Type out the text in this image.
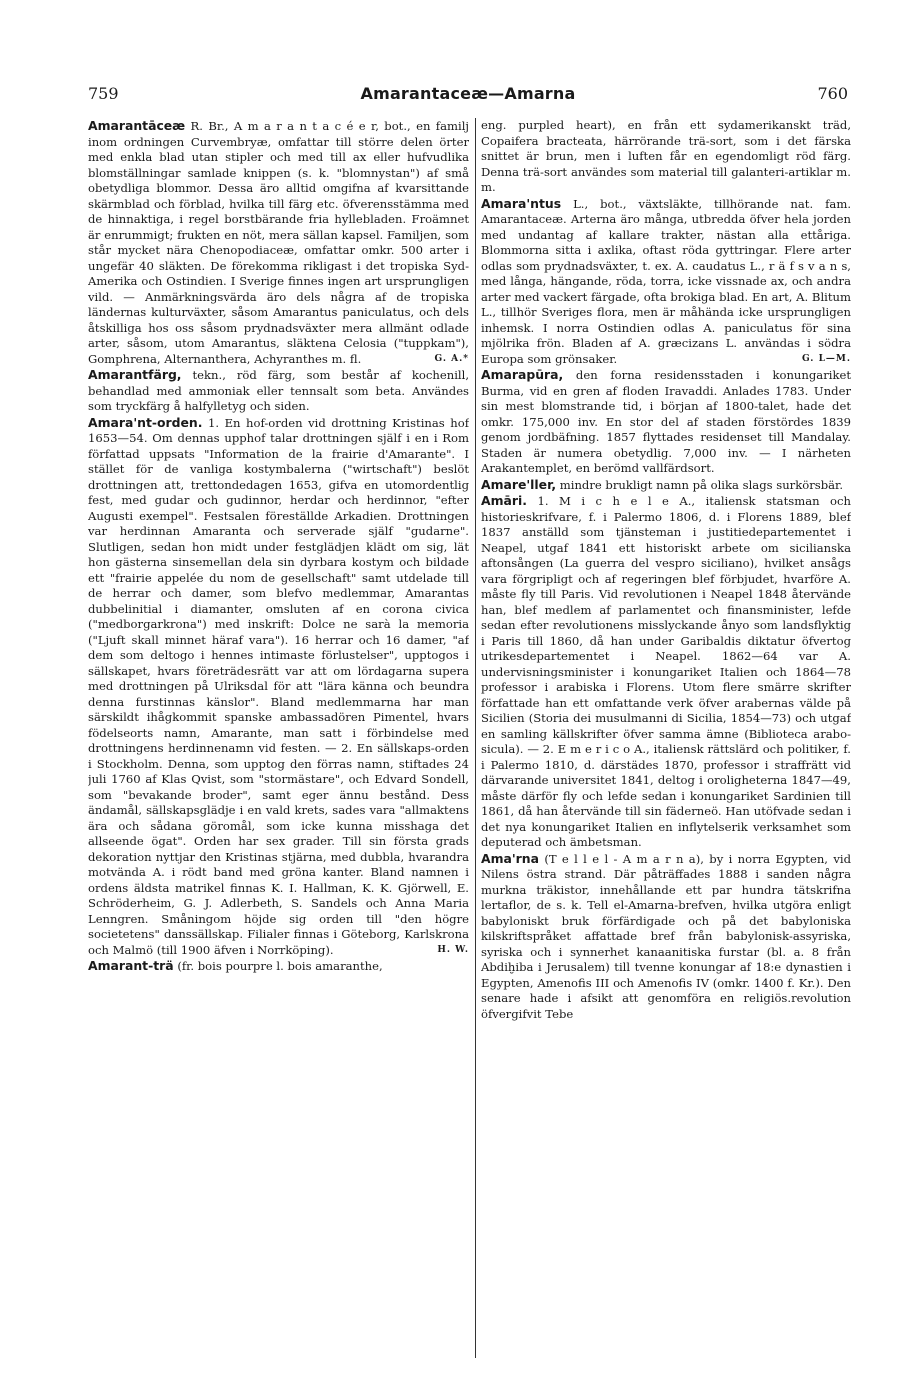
759	Amarantaceæ—Amarna	760

Amarantāceæ R. Br., A m a r a n t a c é e r, bot., en familj inom ordningen Curvembryæ, omfattar till större delen örter med enkla blad utan stipler och med till ax eller hufvudlika blomställningar samlade knippen (s. k. "blomnystan") af små obetydliga blommor. Dessa äro alltid omgifna af kvarsittande skärmblad och förblad, hvilka till färg etc. öfverensstämma med de hinnaktiga, i regel borstbärande fria hyllebladen. Froämnet är enrummigt; frukten en nöt, mera sällan kapsel. Familjen, som står mycket nära Chenopodiaceæ, omfattar omkr. 500 arter i ungefär 40 släkten. De förekomma rikligast i det tropiska Syd-Amerika och Ostindien. I Sverige finnes ingen art ursprungligen vild. — Anmärkningsvärda äro dels några af de tropiska ländernas kulturväxter, såsom Amarantus paniculatus, och dels åtskilliga hos oss såsom prydnadsväxter mera allmänt odlade arter, såsom, utom Amarantus, släktena Celosia ("tuppkam"), Gomphrena, Alternanthera, Achyranthes m. fl.	G. A.*

Amarantfärg, tekn., röd färg, som består af kochenill, behandlad med ammoniak eller tennsalt som beta. Användes som tryckfärg å halfylletyg och siden.

Amara'nt-orden. 1. En hof-orden vid drottning Kristinas hof 1653—54. Om dennas upphof talar drottningen själf i en i Rom författad uppsats "Information de la frairie d'Amarante". I stället för de vanliga kostymbalerna ("wirtschaft") beslöt drottningen att, trettondedagen 1653, gifva en utomordentlig fest, med gudar och gudinnor, herdar och herdinnor, "efter Augusti exempel". Festsalen föreställde Arkadien. Drottningen var herdinnan Amaranta och serverade själf "gudarne". Slutligen, sedan hon midt under festglädjen klädt om sig, lät hon gästerna sinsemellan dela sin dyrbara kostym och bildade ett "frairie appelée du nom de gesellschaft" samt utdelade till de herrar och damer, som blefvo medlemmar, Amarantas dubbelinitial i diamanter, omsluten af en corona civica ("medborgarkrona") med inskrift: Dolce ne sarà la memoria ("Ljuft skall minnet häraf vara"). 16 herrar och 16 damer, "af dem som deltogo i hennes intimaste förlustelser", upptogos i sällskapet, hvars företrädesrätt var att om lördagarna supera med drottningen på Ulriksdal för att "lära känna och beundra denna furstinnas känslor". Bland medlemmarna har man särskildt ihågkommit spanske ambassadören Pimentel, hvars födelseorts namn, Amarante, man satt i förbindelse med drottningens herdinnenamn vid festen. — 2. En sällskaps-orden i Stockholm. Denna, som upptog den förras namn, stiftades 24 juli 1760 af Klas Qvist, som "stormästare", och Edvard Sondell, som "bevakande broder", samt eger ännu bestånd. Dess ändamål, sällskapsglädje i en vald krets, sades vara "allmaktens ära och sådana göromål, som icke kunna misshaga det allseende ögat". Orden har sex grader. Till sin första grads dekoration nyttjar den Kristinas stjärna, med dubbla, hvarandra motvända A. i rödt band med gröna kanter. Bland namnen i ordens äldsta matrikel finnas K. I. Hallman, K. K. Gjörwell, E. Schröderheim, G. J. Adlerbeth, S. Sandels och Anna Maria Lenngren. Småningom höjde sig orden till "den högre societetens" danssällskap. Filialer finnas i Göteborg, Karlskrona och Malmö (till 1900 äfven i Norrköping).	H. W.

Amarant-trä (fr. bois pourpre l. bois amaranthe,

eng. purpled heart), en från ett sydamerikanskt träd, Copaifera bracteata, härrörande trä-sort, som i det färska snittet är brun, men i luften får en egendomligt röd färg. Denna trä-sort användes som material till galanteri-artiklar m. m.

Amara'ntus L., bot., växtsläkte, tillhörande nat. fam. Amarantaceæ. Arterna äro många, utbredda öfver hela jorden med undantag af kallare trakter, nästan alla ettåriga. Blommorna sitta i axlika, oftast röda gyttringar. Flere arter odlas som prydnadsväxter, t. ex. A. caudatus L., r ä f s v a n s, med långa, hängande, röda, torra, icke vissnade ax, och andra arter med vackert färgade, ofta brokiga blad. En art, A. Blitum L., tillhör Sveriges flora, men är måhända icke ursprungligen inhemsk. I norra Ostindien odlas A. paniculatus för sina mjölrika frön. Bladen af A. græcizans L. användas i södra Europa som grönsaker.	G. L—M.

Amarapūra, den forna residensstaden i konungariket Burma, vid en gren af floden Iravaddi. Anlades 1783. Under sin mest blomstrande tid, i början af 1800-talet, hade det omkr. 175,000 inv. En stor del af staden förstördes 1839 genom jordbäfning. 1857 flyttades residenset till Mandalay. Staden är numera obetydlig. 7,000 inv. — I närheten Arakantemplet, en berömd vallfärdsort.

Amare'ller, mindre brukligt namn på olika slags surkörsbär.

Amāri. 1. M i c h e l e A., italiensk statsman och historieskrifvare, f. i Palermo 1806, d. i Florens 1889, blef 1837 anställd som tjänsteman i justitiedepartementet i Neapel, utgaf 1841 ett historiskt arbete om sicilianska aftonsången (La guerra del vespro siciliano), hvilket ansågs vara förgripligt och af regeringen blef förbjudet, hvarföre A. måste fly till Paris. Vid revolutionen i Neapel 1848 återvände han, blef medlem af parlamentet och finansminister, lefde sedan efter revolutionens misslyckande ånyo som landsflyktig i Paris till 1860, då han under Garibaldis diktatur öfvertog utrikesdepartementet i Neapel. 1862—64 var A. undervisningsminister i konungariket Italien och 1864—78 professor i arabiska i Florens. Utom flere smärre skrifter författade han ett omfattande verk öfver arabernas välde på Sicilien (Storia dei musulmanni di Sicilia, 1854—73) och utgaf en samling källskrifter öfver samma ämne (Biblioteca arabo-sicula). — 2. E m e r i c o A., italiensk rättslärd och politiker, f. i Palermo 1810, d. därstädes 1870, professor i straffrätt vid därvarande universitet 1841, deltog i oroligheterna 1847—49, måste därför fly och lefde sedan i konungariket Sardinien till 1861, då han återvände till sin fäderneö. Han utöfvade sedan i det nya konungariket Italien en inflytelserik verksamhet som deputerad och ämbetsman.

Ama'rna (T e l l e l - A m a r n a), by i norra Egypten, vid Nilens östra strand. Där påträffades 1888 i sanden några murkna träkistor, innehållande ett par hundra tätskrifna lertaflor, de s. k. Tell el-Amarna-brefven, hvilka utgöra enligt babyloniskt bruk förfärdigade och på det babyloniska kilskriftspråket affattade bref från babylonisk-assyriska, syriska och i synnerhet kanaanitiska furstar (bl. a. 8 från Abdiḫiba i Jerusalem) till tvenne konungar af 18:e dynastien i Egypten, Amenofis III och Amenofis IV (omkr. 1400 f. Kr.). Den senare hade i afsikt att genomföra en religiös.revolution öfvergifvit Tebe
